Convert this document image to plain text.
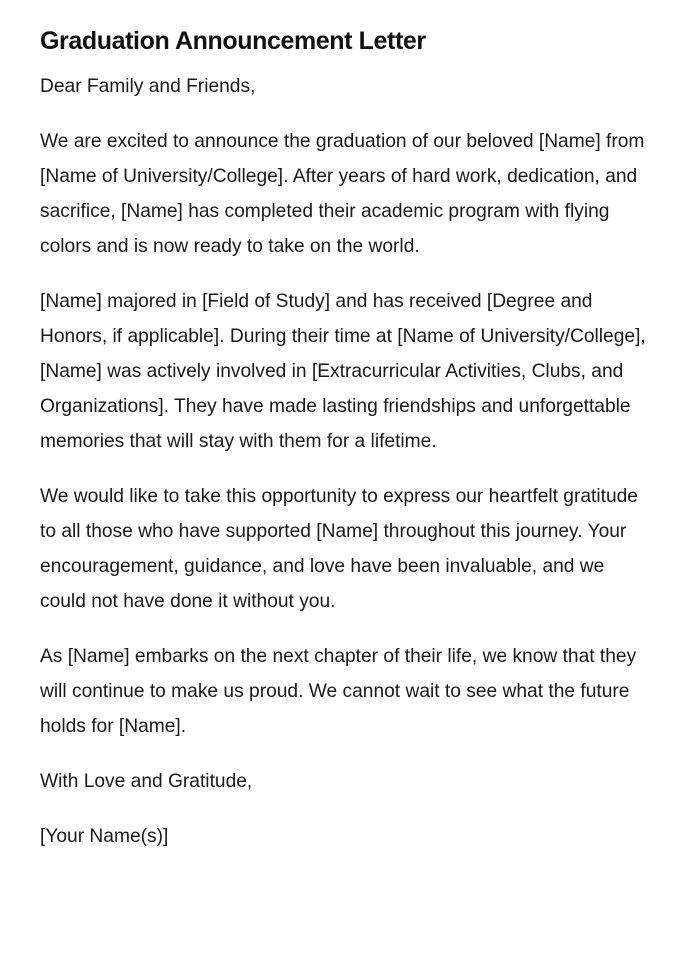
Graduation Announcement Letter

Dear Family and Friends,

We are excited to announce the graduation of our beloved [Name] from [Name of University/College]. After years of hard work, dedication, and sacrifice, [Name] has completed their academic program with flying colors and is now ready to take on the world.

[Name] majored in [Field of Study] and has received [Degree and Honors, if applicable]. During their time at [Name of University/College], [Name] was actively involved in [Extracurricular Activities, Clubs, and Organizations]. They have made lasting friendships and unforgettable memories that will stay with them for a lifetime.

We would like to take this opportunity to express our heartfelt gratitude to all those who have supported [Name] throughout this journey. Your encouragement, guidance, and love have been invaluable, and we could not have done it without you.

As [Name] embarks on the next chapter of their life, we know that they will continue to make us proud. We cannot wait to see what the future holds for [Name].

With Love and Gratitude,

[Your Name(s)]
